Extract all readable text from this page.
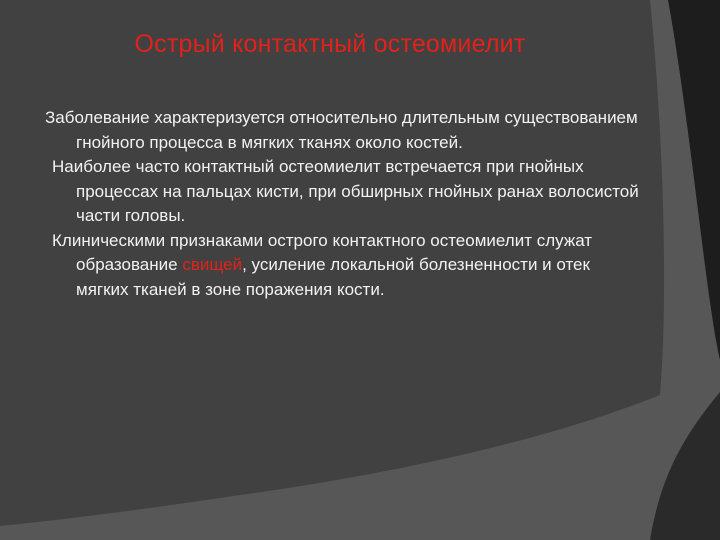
Острый контактный остеомиелит

Заболевание характеризуется относительно длительным существованием гнойного процесса в мягких тканях около костей.

Наиболее часто контактный остеомиелит встречается при гнойных процессах на пальцах кисти, при обширных гнойных ранах волосистой части головы.

Клиническими признаками острого контактного остеомиелит служат образование свищей, усиление локальной болезненности и отек мягких тканей в зоне поражения кости.
